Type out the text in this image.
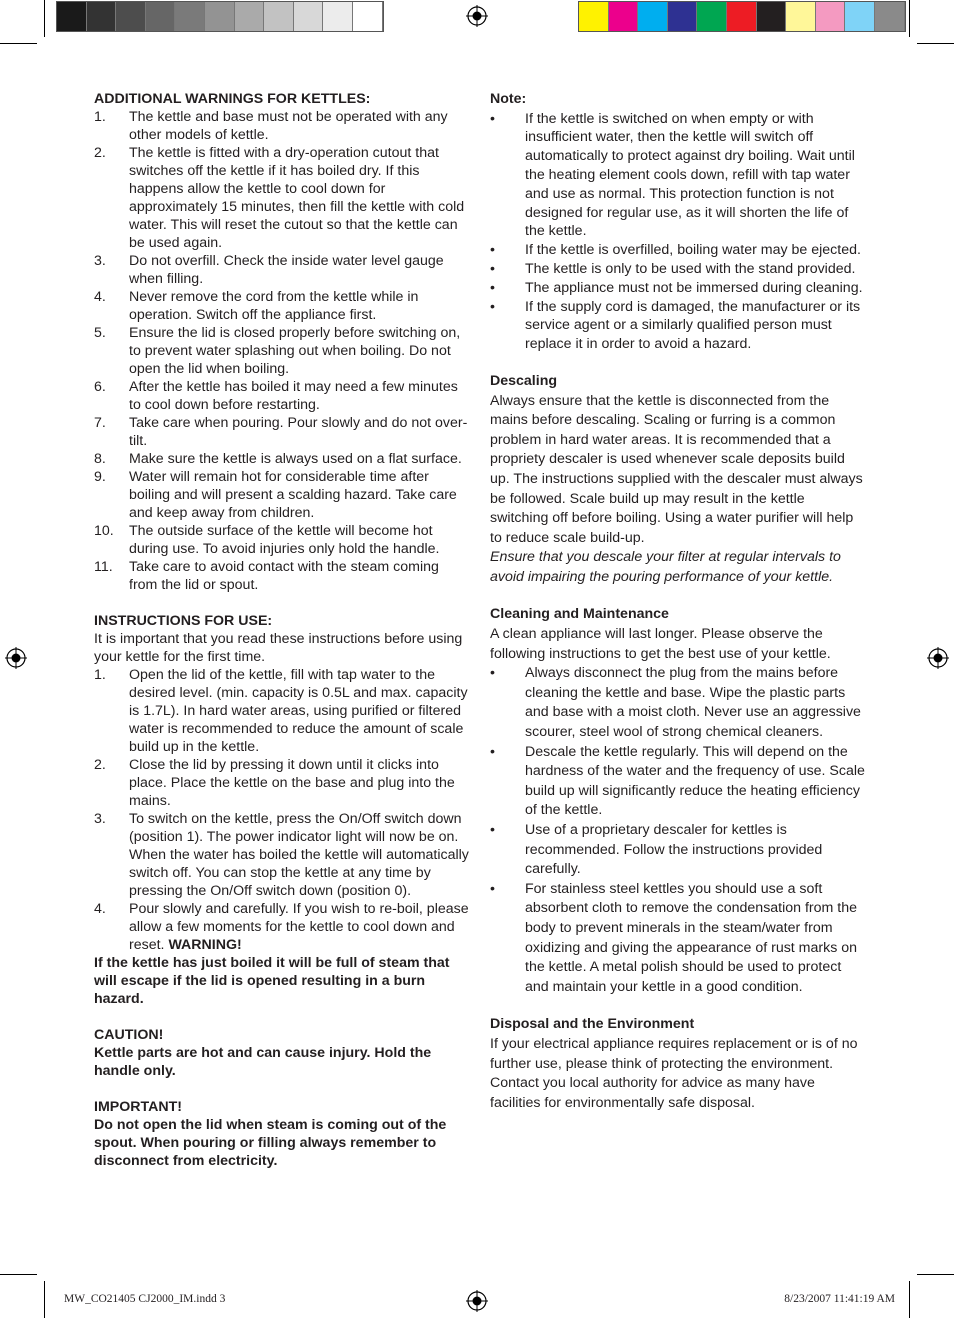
ADDITIONAL WARNINGS FOR KETTLES:
1.	The kettle and base must not be operated with any other models of kettle.
2.	The kettle is fitted with a dry-operation cutout that switches off the kettle if it has boiled dry. If this happens allow the kettle to cool down for approximately 15 minutes, then fill the kettle with cold water. This will reset the cutout so that the kettle can be used again.
3.	Do not overfill. Check the inside water level gauge when filling.
4.	Never remove the cord from the kettle while in operation. Switch off the appliance first.
5.	Ensure the lid is closed properly before switching on, to prevent water splashing out when boiling. Do not open the lid when boiling.
6.	After the kettle has boiled it may need a few minutes to cool down before restarting.
7.	Take care when pouring. Pour slowly and do not over-tilt.
8.	Make sure the kettle is always used on a flat surface.
9.	Water will remain hot for considerable time after boiling and will present a scalding hazard. Take care and keep away from children.
10.	The outside surface of the kettle will become hot during use. To avoid injuries only hold the handle.
11.	Take care to avoid contact with the steam coming from the lid or spout.
INSTRUCTIONS FOR USE:

It is important that you read these instructions before using your kettle for the first time.

1.	Open the lid of the kettle, fill with tap water to the desired level. (min. capacity is 0.5L and max. capacity is 1.7L). In hard water areas, using purified or filtered water is recommended to reduce the amount of scale build up in the kettle.
2.	Close the lid by pressing it down until it clicks into place. Place the kettle on the base and plug into the mains.
3.	To switch on the kettle, press the On/Off switch down (position 1). The power indicator light will now be on. When the water has boiled the kettle will automatically switch off. You can stop the kettle at any time by pressing the On/Off switch down (position 0).
4.	Pour slowly and carefully. If you wish to re-boil, please allow a few moments for the kettle to cool down and reset. WARNING!

If the kettle has just boiled it will be full of steam that will escape if the lid is opened resulting in a burn hazard.

CAUTION!

Kettle parts are hot and can cause injury. Hold the handle only.

IMPORTANT!

Do not open the lid when steam is coming out of the spout. When pouring or filling always remember to disconnect from electricity.

Note:
•	If the kettle is switched on when empty or with insufficient water, then the kettle will switch off automatically to protect against dry boiling. Wait until the heating element cools down, refill with tap water and use as normal. This protection function is not designed for regular use, as it will shorten the life of the kettle.
•	If the kettle is overfilled, boiling water may be ejected.
•	The kettle is only to be used with the stand provided.
•	The appliance must not be immersed during cleaning.
•	If the supply cord is damaged, the manufacturer or its service agent or a similarly qualified person must replace it in order to avoid a hazard.
Descaling

Always ensure that the kettle is disconnected from the mains before descaling. Scaling or furring is a common problem in hard water areas. It is recommended that a propriety descaler is used whenever scale deposits build up. The instructions supplied with the descaler must always be followed. Scale build up may result in the kettle switching off before boiling. Using a water purifier will help to reduce scale build-up.

Ensure that you descale your filter at regular intervals to avoid impairing the pouring performance of your kettle.

Cleaning and Maintenance

A clean appliance will last longer. Please observe the following instructions to get the best use of your kettle.

•	Always disconnect the plug from the mains before cleaning the kettle and base. Wipe the plastic parts and base with a moist cloth. Never use an aggressive scourer, steel wool of strong chemical cleaners.
•	Descale the kettle regularly. This will depend on the hardness of the water and the frequency of use. Scale build up will significantly reduce the heating efficiency of the kettle.
•	Use of a proprietary descaler for kettles is recommended. Follow the instructions provided carefully.
•	For stainless steel kettles you should use a soft absorbent cloth to remove the condensation from the body to prevent minerals in the steam/water from oxidizing and giving the appearance of rust marks on the kettle. A metal polish should be used to protect and maintain your kettle in a good condition.
Disposal and the Environment

If your electrical appliance requires replacement or is of no further use, please think of protecting the environment. Contact you local authority for advice as many have facilities for environmentally safe disposal.

MW_CO21405 CJ2000_IM.indd 3	8/23/2007 11:41:19 AM
